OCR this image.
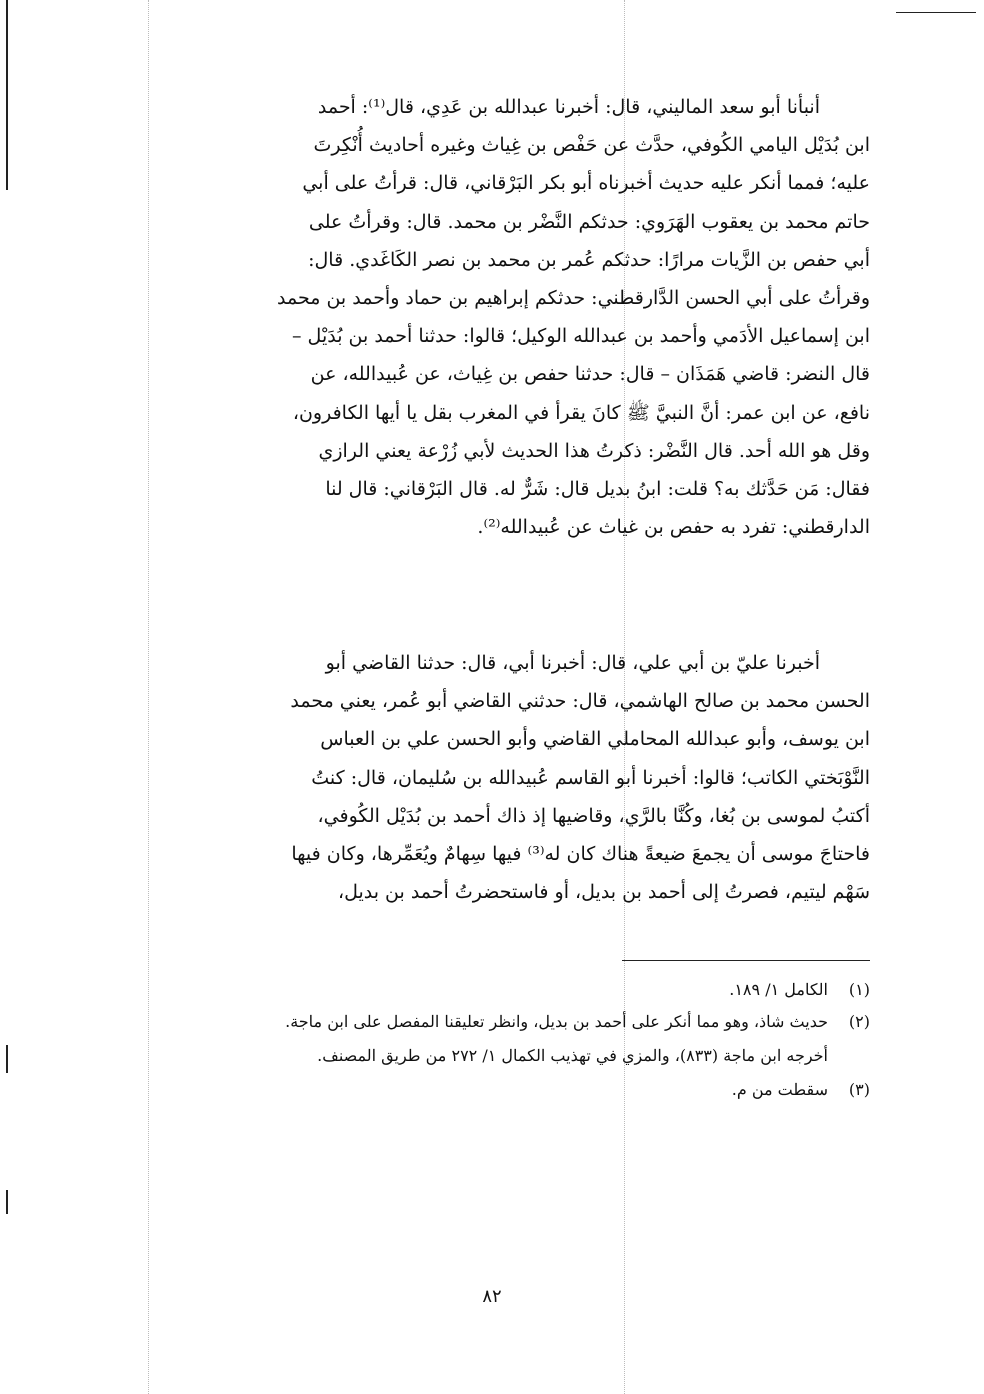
أنبأنا أبو سعد الماليني، قال: أخبرنا عبدالله بن عَدِي، قال⁽¹⁾: أحمد

ابن بُدَيْل اليامي الكُوفي، حدَّث عن حَفْص بن غِياث وغيره أحاديث أُنْكِرتَ

عليه؛ فمما أنكر عليه حديث أخبرناه أبو بكر البَرْقاني، قال: قرأتُ على أبي

حاتم محمد بن يعقوب الهَرَوي: حدثكم النَّضْر بن محمد. قال: وقرأتُ على

أبي حفص بن الزَّيات مرارًا: حدثكم عُمر بن محمد بن نصر الكَاغَدي. قال:

وقرأتُ على أبي الحسن الدَّارقطني: حدثكم إبراهيم بن حماد وأحمد بن محمد

ابن إسماعيل الأدَمي وأحمد بن عبدالله الوكيل؛ قالوا: حدثنا أحمد بن بُدَيْل –

قال النضر: قاضي هَمَذَان – قال: حدثنا حفص بن غِياث، عن عُبيدالله، عن

نافع، عن ابن عمر: أنَّ النبيَّ ﷺ كانَ يقرأ في المغرب بقل يا أيها الكافرون،

وقل هو الله أحد. قال النَّضْر: ذكرتُ هذا الحديث لأبي زُرْعة يعني الرازي

فقال: مَن حَدَّثك به؟ قلت: ابنُ بديل قال: شَرٌّ له. قال البَرْقاني: قال لنا

الدارقطني: تفرد به حفص بن غياث عن عُبيدالله⁽²⁾.

أخبرنا عليّ بن أبي علي، قال: أخبرنا أبي، قال: حدثنا القاضي أبو

الحسن محمد بن صالح الهاشمي، قال: حدثني القاضي أبو عُمر، يعني محمد

ابن يوسف، وأبو عبدالله المحاملي القاضي وأبو الحسن علي بن العباس

النَّوْبَختي الكاتب؛ قالوا: أخبرنا أبو القاسم عُبيدالله بن سُليمان، قال: كنتُ

أكتبُ لموسى بن بُغا، وكُنَّا بالرَّي، وقاضيها إذ ذاك أحمد بن بُدَيْل الكُوفي،

فاحتاجَ موسى أن يجمعَ ضيعةً هناك كان له⁽³⁾ فيها سِهامٌ ويُعَمِّرها، وكان فيها

سَهْم ليتيم، فصرتُ إلى أحمد بن بديل، أو فاستحضرتُ أحمد بن بديل،

(١)
الكامل ١/ ١٨٩.
(٢)
حديث شاذ، وهو مما أنكر على أحمد بن بديل، وانظر تعليقنا المفصل على ابن ماجة.
أخرجه ابن ماجة (٨٣٣)، والمزي في تهذيب الكمال ١/ ٢٧٢ من طريق المصنف.
(٣)
سقطت من م.
٨٢
